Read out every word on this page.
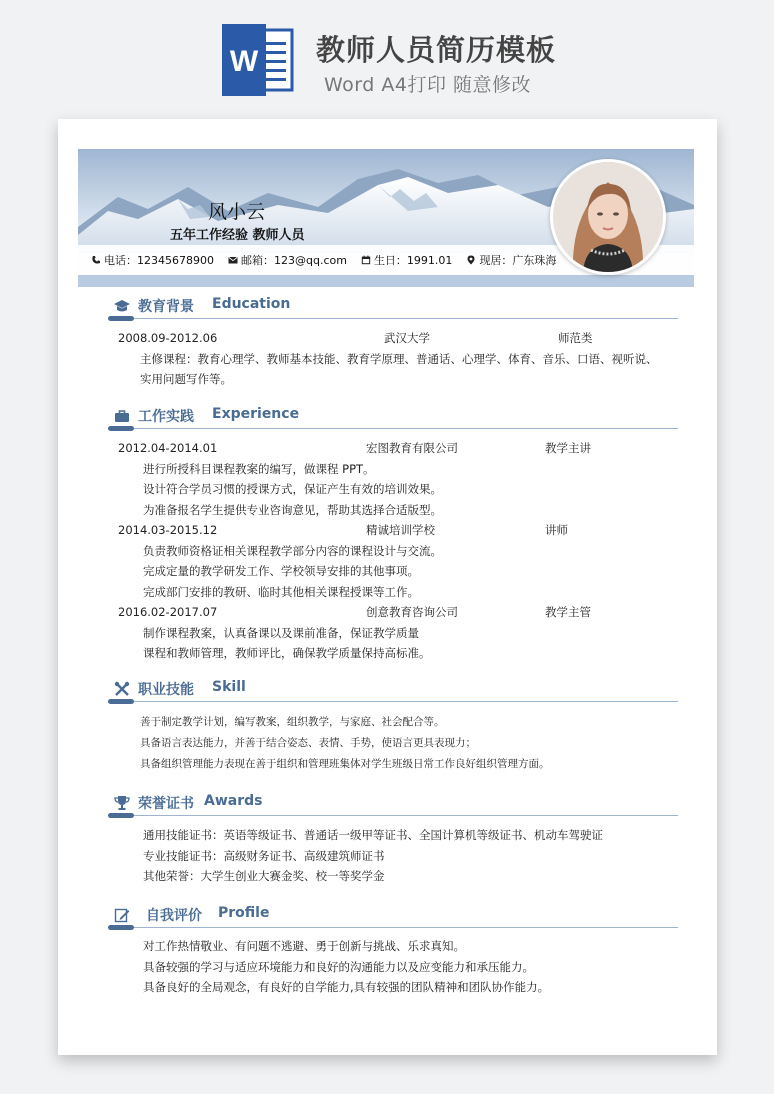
W 教师人员简历模板
Word A4打印 随意修改
风小云
五年工作经验 教师人员
电话：12345678900 邮箱：123@qq.com 生日：1991.01 现居：广东珠海
教育背景 Education
2008.09-2012.06	武汉大学	师范类
主修课程：教育心理学、教师基本技能、教育学原理、普通话、心理学、体育、音乐、口语、视听说、实用问题写作等。
工作实践 Experience
2012.04-2014.01	宏图教育有限公司	教学主讲
进行所授科目课程教案的编写，做课程 PPT。
设计符合学员习惯的授课方式，保证产生有效的培训效果。
为准备报名学生提供专业咨询意见，帮助其选择合适版型。
2014.03-2015.12	精诚培训学校	讲师
负责教师资格证相关课程教学部分内容的课程设计与交流。
完成定量的教学研发工作、学校领导安排的其他事项。
完成部门安排的教研、临时其他相关课程授课等工作。
2016.02-2017.07	创意教育咨询公司	教学主管
制作课程教案，认真备课以及课前准备，保证教学质量
课程和教师管理，教师评比，确保教学质量保持高标准。
职业技能 Skill
善于制定教学计划，编写教案，组织教学，与家庭、社会配合等。
具备语言表达能力，并善于结合姿态、表情、手势，使语言更具表现力；
具备组织管理能力表现在善于组织和管理班集体对学生班级日常工作良好组织管理方面。
荣誉证书 Awards
通用技能证书：英语等级证书、普通话一级甲等证书、全国计算机等级证书、机动车驾驶证
专业技能证书：高级财务证书、高级建筑师证书
其他荣誉：大学生创业大赛金奖、校一等奖学金
自我评价 Profile
对工作热情敬业、有问题不逃避、勇于创新与挑战、乐求真知。
具备较强的学习与适应环境能力和良好的沟通能力以及应变能力和承压能力。
具备良好的全局观念，有良好的自学能力,具有较强的团队精神和团队协作能力。
